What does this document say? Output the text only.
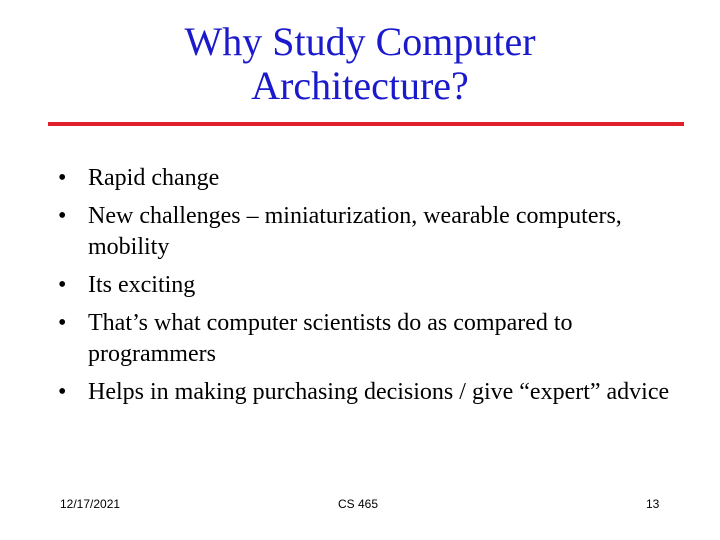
Why Study Computer
Architecture?
• Rapid change
• New challenges – miniaturization, wearable computers, mobility
• Its exciting
• That’s what computer scientists do as compared to programmers
• Helps in making purchasing decisions / give “expert” advice
12/17/2021	CS 465	13
